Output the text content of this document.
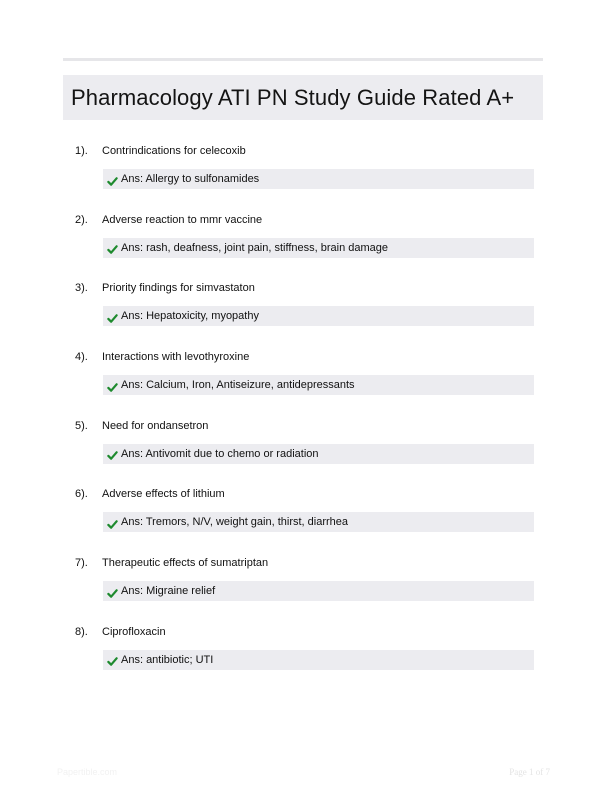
Pharmacology ATI PN Study Guide Rated A+
1). Contrindications for celecoxib
Ans: Allergy to sulfonamides
2). Adverse reaction to mmr vaccine
Ans: rash, deafness, joint pain, stiffness, brain damage
3). Priority findings for simvastaton
Ans: Hepatoxicity, myopathy
4). Interactions with levothyroxine
Ans: Calcium, Iron, Antiseizure, antidepressants
5). Need for ondansetron
Ans: Antivomit due to chemo or radiation
6). Adverse effects of lithium
Ans: Tremors, N/V, weight gain, thirst, diarrhea
7). Therapeutic effects of sumatriptan
Ans: Migraine relief
8). Ciprofloxacin
Ans: antibiotic; UTI
Papertible.com	Page 1 of 7
